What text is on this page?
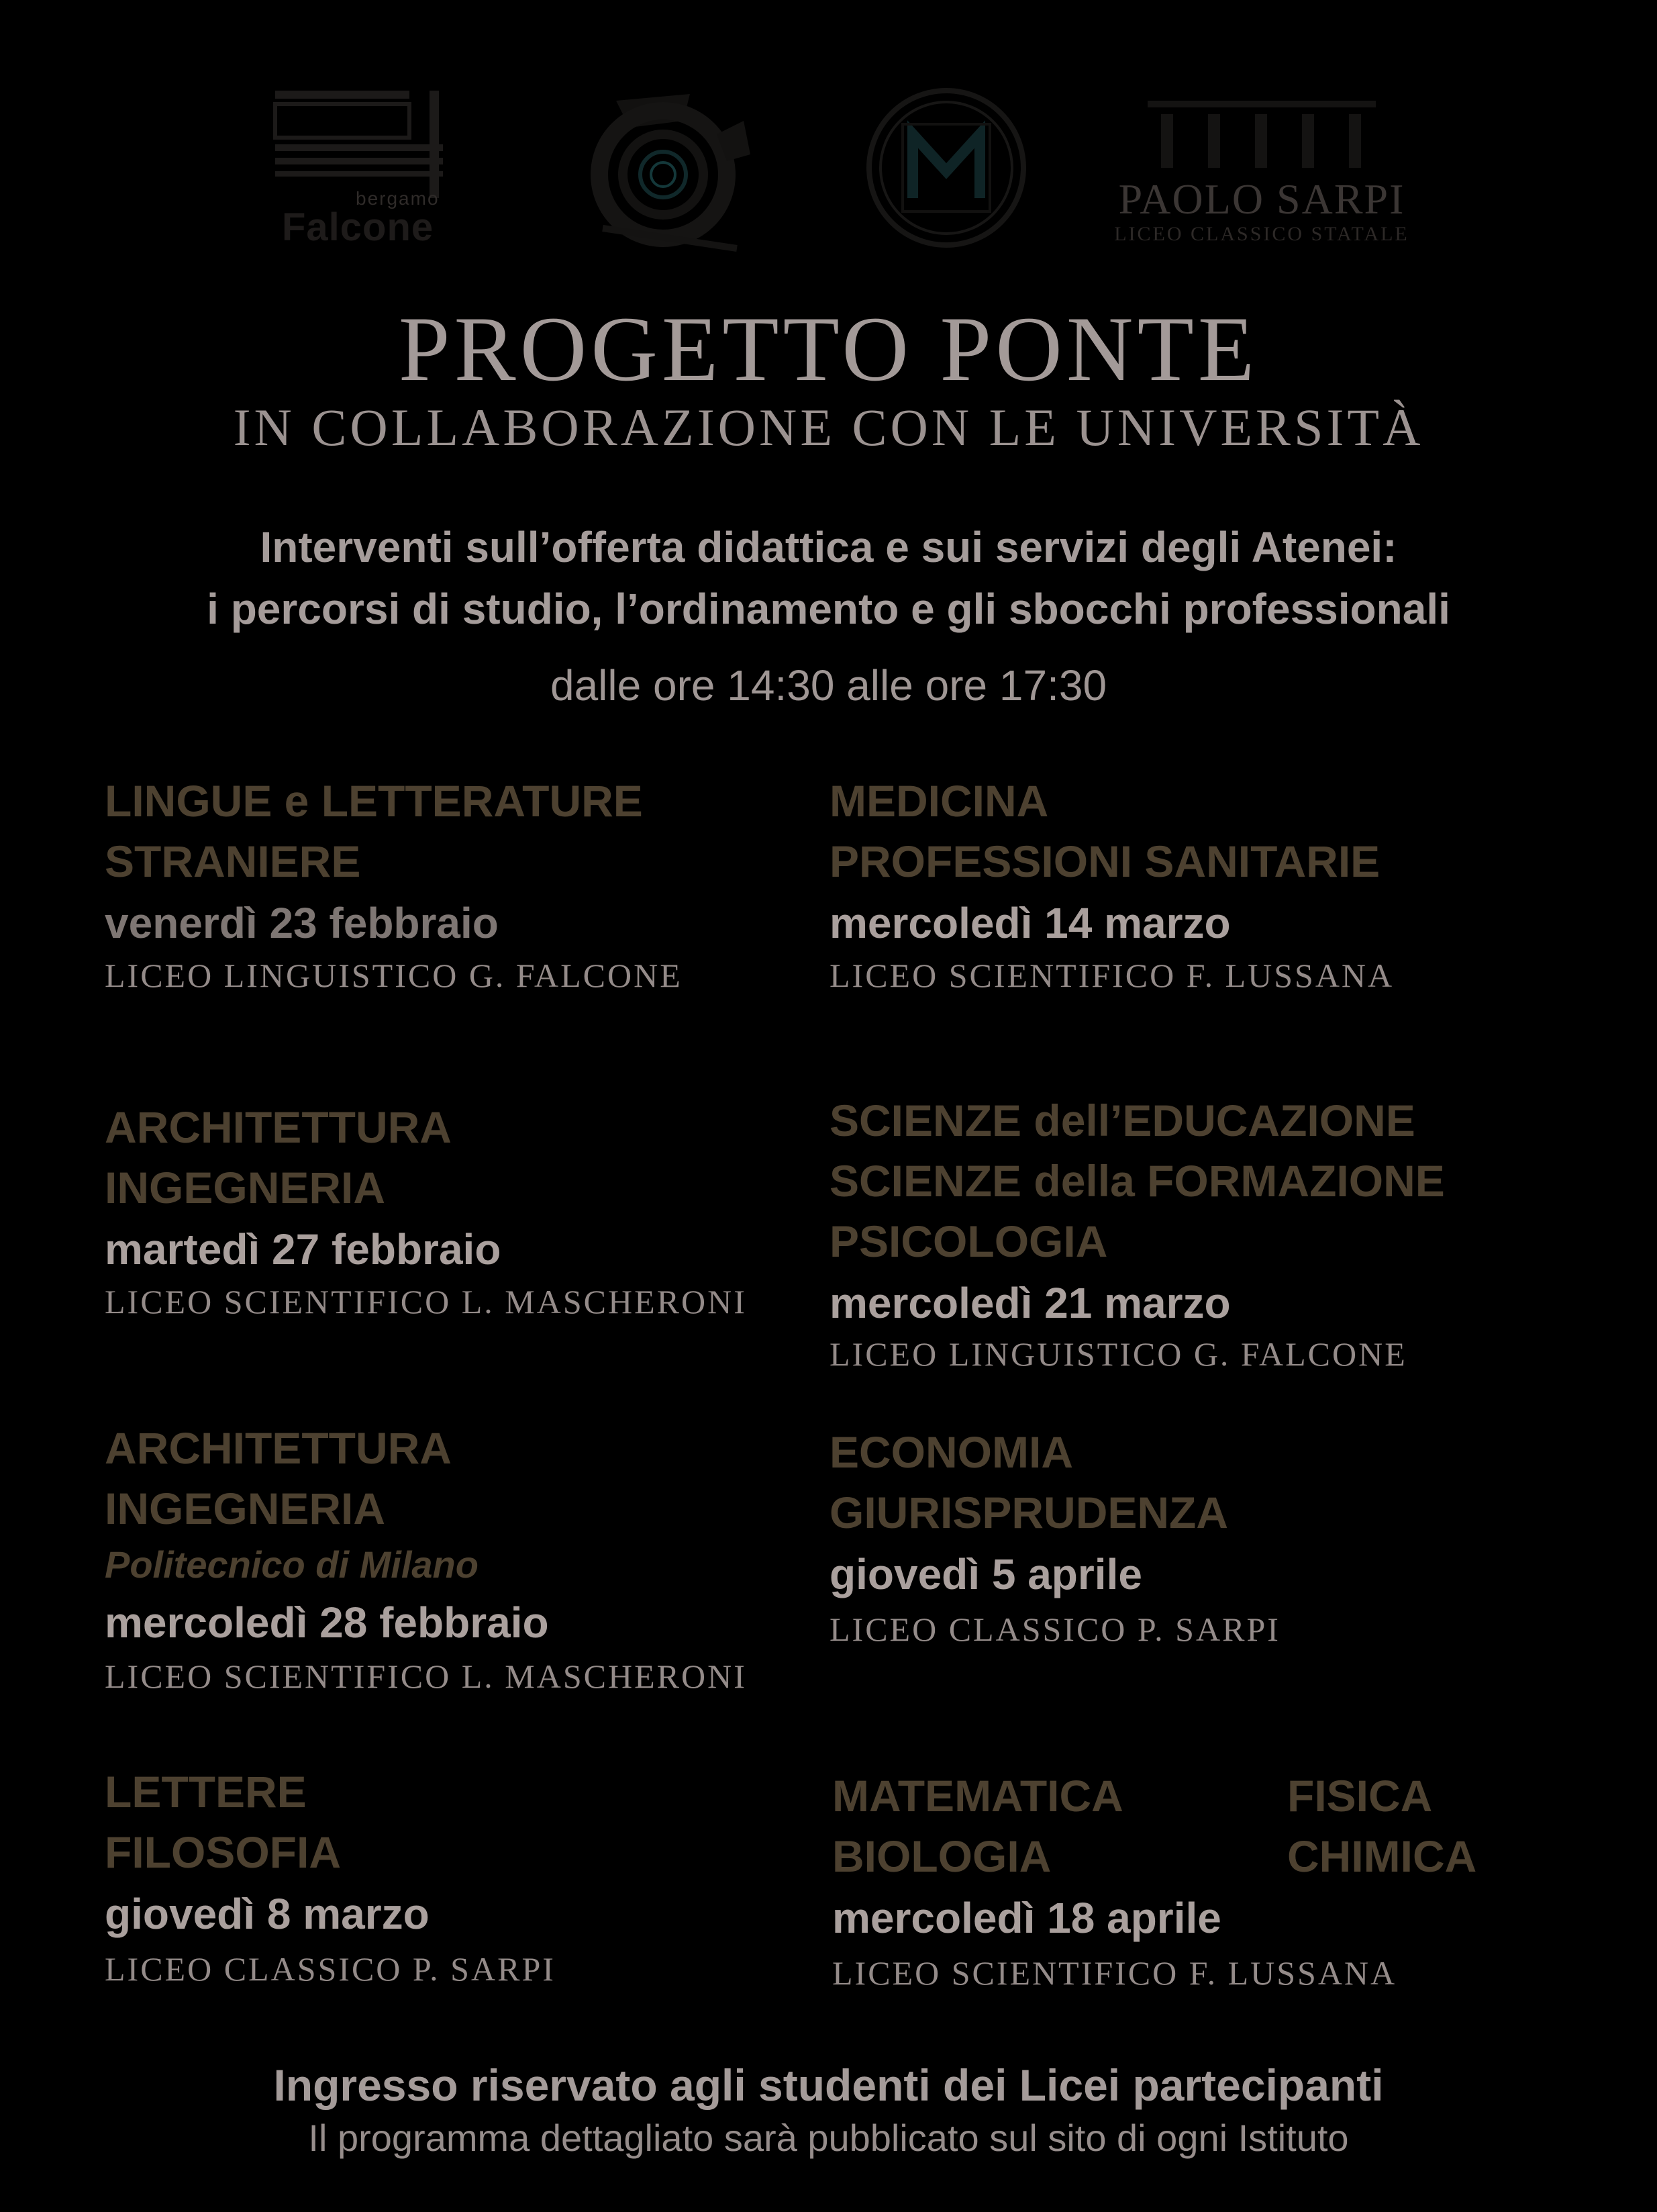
bergamo
Falcone
PAOLO SARPI
LICEO CLASSICO STATALE
PROGETTO PONTE
IN COLLABORAZIONE CON LE UNIVERSITÀ
Interventi sull’offerta didattica e sui servizi degli Atenei:
i percorsi di studio, l’ordinamento e gli sbocchi professionali
dalle ore 14:30 alle ore 17:30
LINGUE e LETTERATURE
STRANIERE
venerdì 23 febbraio
LICEO LINGUISTICO G. FALCONE
ARCHITETTURA
INGEGNERIA
martedì 27 febbraio
LICEO SCIENTIFICO L. MASCHERONI
ARCHITETTURA
INGEGNERIA
Politecnico di Milano
mercoledì 28 febbraio
LICEO SCIENTIFICO L. MASCHERONI
LETTERE
FILOSOFIA
giovedì 8 marzo
LICEO CLASSICO P. SARPI
MEDICINA
PROFESSIONI SANITARIE
mercoledì 14 marzo
LICEO SCIENTIFICO F. LUSSANA
SCIENZE dell’EDUCAZIONE
SCIENZE della FORMAZIONE
PSICOLOGIA
mercoledì 21 marzo
LICEO LINGUISTICO G. FALCONE
ECONOMIA
GIURISPRUDENZA
giovedì 5 aprile
LICEO CLASSICO P. SARPI
MATEMATICA	FISICA
BIOLOGIA	CHIMICA
mercoledì 18 aprile
LICEO SCIENTIFICO F. LUSSANA
Ingresso riservato agli studenti dei Licei partecipanti
Il programma dettagliato sarà pubblicato sul sito di ogni Istituto
